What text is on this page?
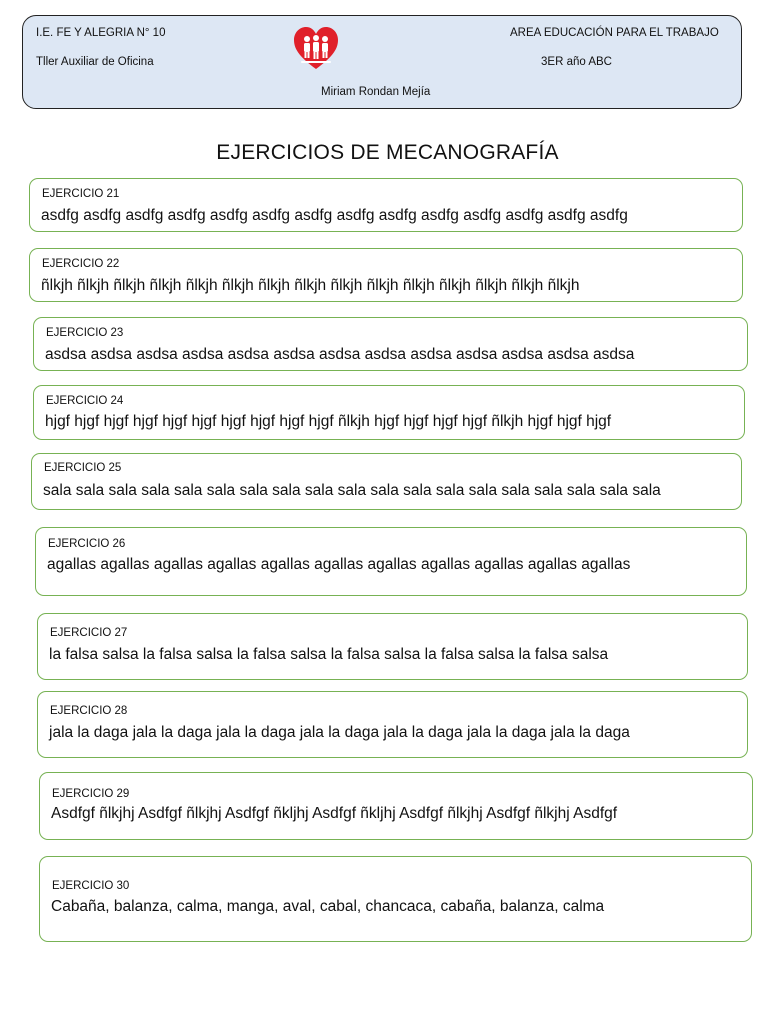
I.E. FE Y ALEGRIA N° 10
Tller Auxiliar de Oficina
AREA EDUCACIÓN PARA EL TRABAJO
3ER año ABC
Miriam Rondan Mejía
EJERCICIOS DE MECANOGRAFÍA
EJERCICIO 21
asdfg asdfg asdfg asdfg asdfg asdfg asdfg asdfg asdfg asdfg asdfg asdfg asdfg asdfg
EJERCICIO 22
ñlkjh ñlkjh ñlkjh ñlkjh ñlkjh ñlkjh ñlkjh ñlkjh ñlkjh ñlkjh ñlkjh ñlkjh ñlkjh ñlkjh ñlkjh
EJERCICIO 23
asdsa asdsa asdsa asdsa asdsa asdsa asdsa asdsa asdsa asdsa asdsa asdsa asdsa
EJERCICIO 24
hjgf hjgf hjgf hjgf hjgf hjgf hjgf hjgf hjgf hjgf ñlkjh hjgf hjgf hjgf hjgf ñlkjh hjgf hjgf hjgf
EJERCICIO 25
sala sala sala sala sala sala sala sala sala sala sala sala sala sala sala sala sala sala sala
EJERCICIO 26
agallas agallas agallas agallas agallas agallas agallas agallas agallas agallas agallas
EJERCICIO 27
la falsa salsa la falsa salsa la falsa salsa la falsa salsa la falsa salsa la falsa salsa
EJERCICIO 28
jala la daga jala la daga jala la daga jala la daga jala la daga jala la daga jala la daga
EJERCICIO 29
Asdfgf ñlkjhj Asdfgf ñlkjhj Asdfgf ñkljhj Asdfgf ñkljhj Asdfgf ñlkjhj Asdfgf ñlkjhj Asdfgf
EJERCICIO 30
Cabaña, balanza, calma, manga, aval, cabal, chancaca, cabaña, balanza, calma
